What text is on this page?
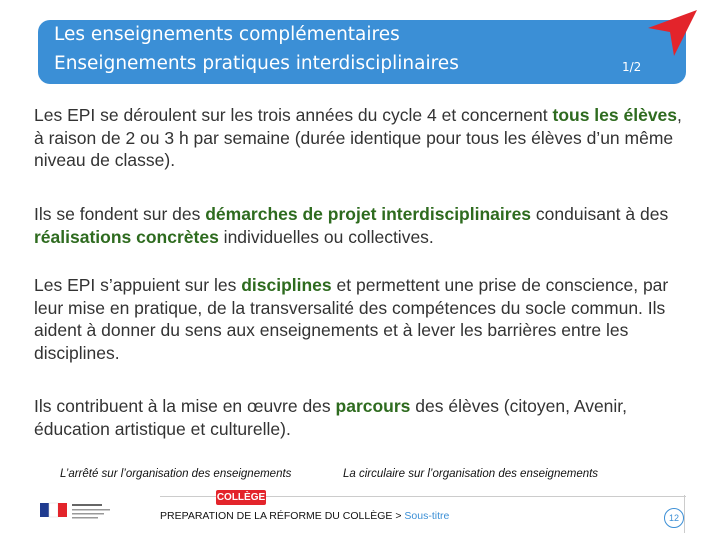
Les enseignements complémentaires
Enseignements pratiques interdisciplinaires	1/2

Les EPI se déroulent sur les trois années du cycle 4 et concernent tous les élèves, à raison de 2 ou 3 h par semaine (durée identique pour tous les élèves d’un même niveau de classe).

Ils se fondent sur des démarches de projet interdisciplinaires conduisant à des réalisations concrètes individuelles ou collectives.

Les EPI s’appuient sur les disciplines et permettent une prise de conscience, par leur mise en pratique, de la transversalité des compétences du socle commun. Ils aident à donner du sens aux enseignements et à lever les barrières entre les disciplines.

Ils contribuent à la mise en œuvre des parcours des élèves (citoyen, Avenir, éducation artistique et culturelle).

L’arrêté sur l’organisation des enseignements	La circulaire sur l’organisation des enseignements
COLLÈGE
PREPARATION DE LA RÉFORME DU COLLÈGE > Sous-titre	12
